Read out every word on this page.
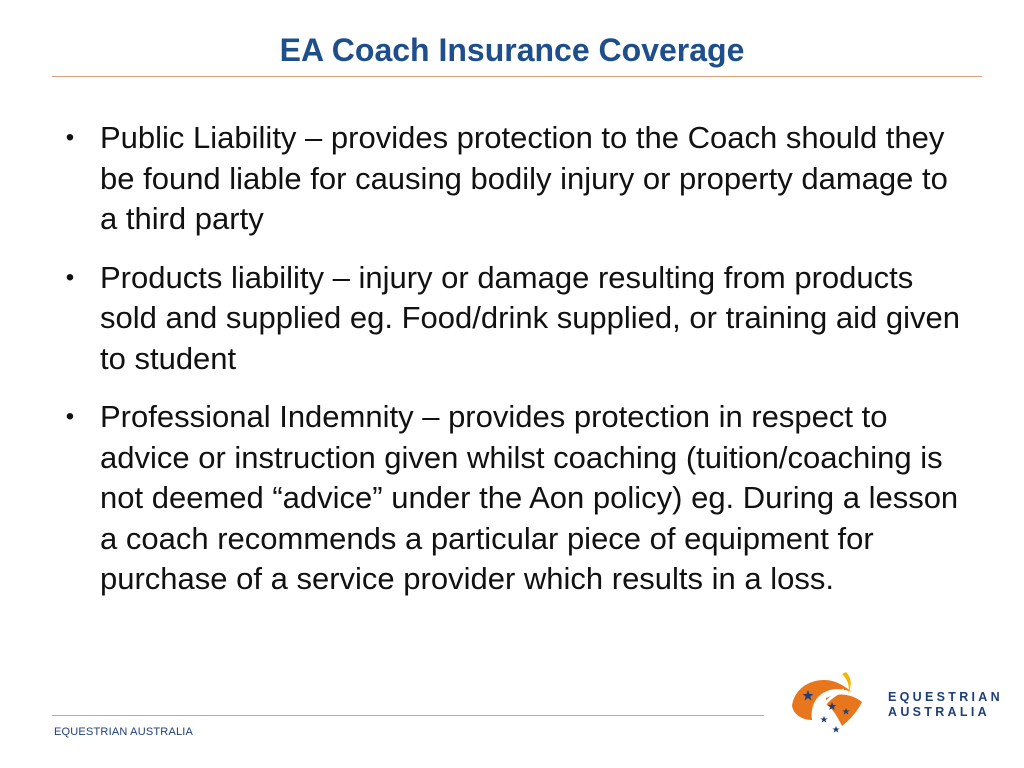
EA Coach Insurance Coverage
• Public Liability – provides protection to the Coach should they be found liable for causing bodily injury or property damage to a third party
• Products liability – injury or damage resulting from products sold and supplied eg. Food/drink supplied, or training aid given to student
• Professional Indemnity – provides protection in respect to advice or instruction given whilst coaching (tuition/coaching is not deemed “advice” under the Aon policy) eg. During a lesson a coach recommends a particular piece of equipment for purchase of a service provider which results in a loss.
EQUESTRIAN AUSTRALIA
EQUESTRIAN
AUSTRALIA
